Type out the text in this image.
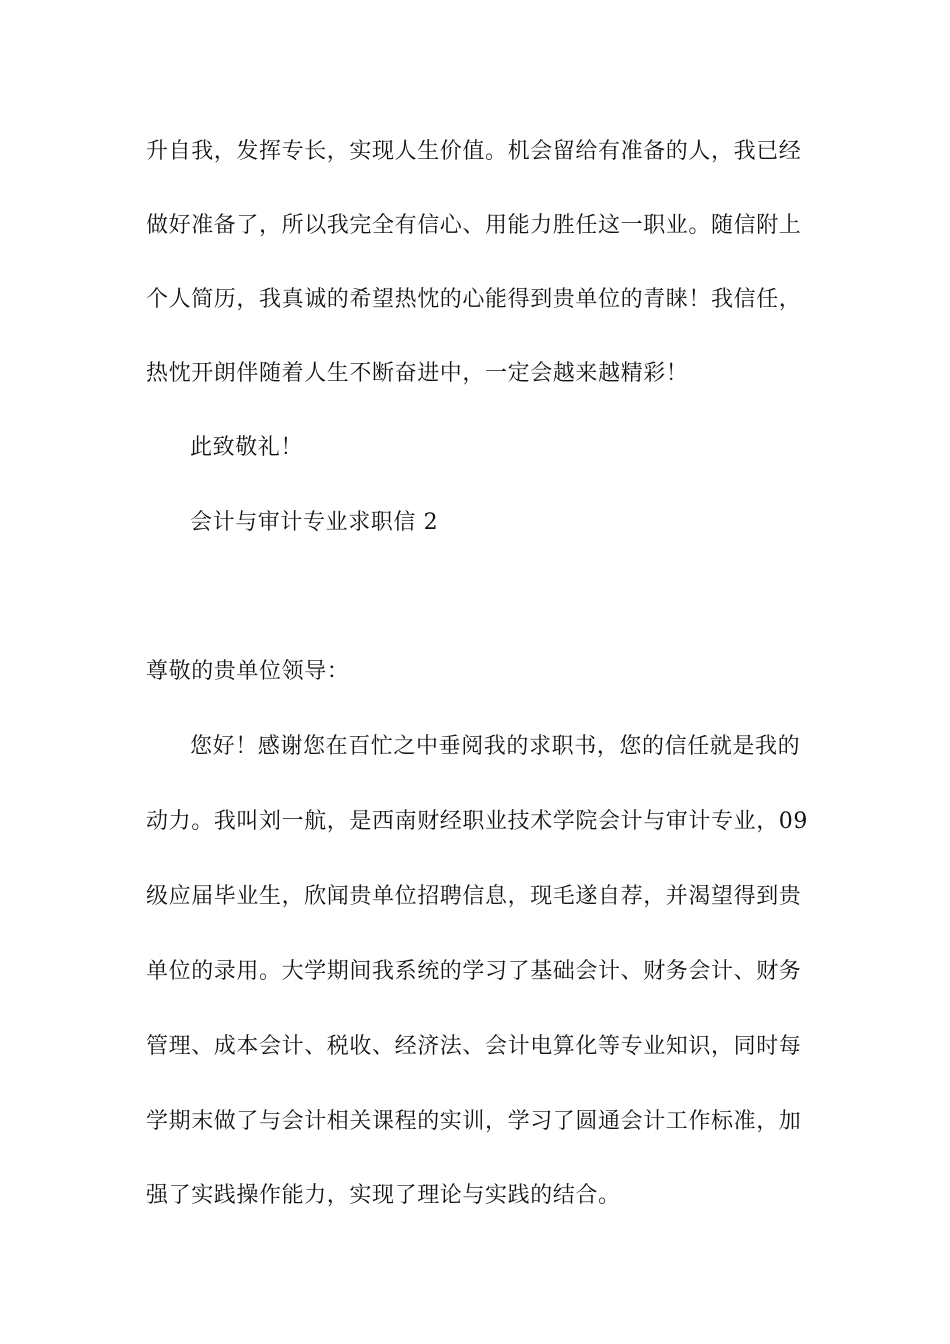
升自我，发挥专长，实现人生价值。机会留给有准备的人，我已经
做好准备了，所以我完全有信心、用能力胜任这一职业。随信附上
个人简历，我真诚的希望热忱的心能得到贵单位的青睐！我信任，
热忱开朗伴随着人生不断奋进中，一定会越来越精彩！
此致敬礼！
会计与审计专业求职信 2
尊敬的贵单位领导：
您好！感谢您在百忙之中垂阅我的求职书，您的信任就是我的
动力。我叫刘一航，是西南财经职业技术学院会计与审计专业，09
级应届毕业生，欣闻贵单位招聘信息，现毛遂自荐，并渴望得到贵
单位的录用。大学期间我系统的学习了基础会计、财务会计、财务
管理、成本会计、税收、经济法、会计电算化等专业知识，同时每
学期末做了与会计相关课程的实训，学习了圆通会计工作标准，加
强了实践操作能力，实现了理论与实践的结合。
